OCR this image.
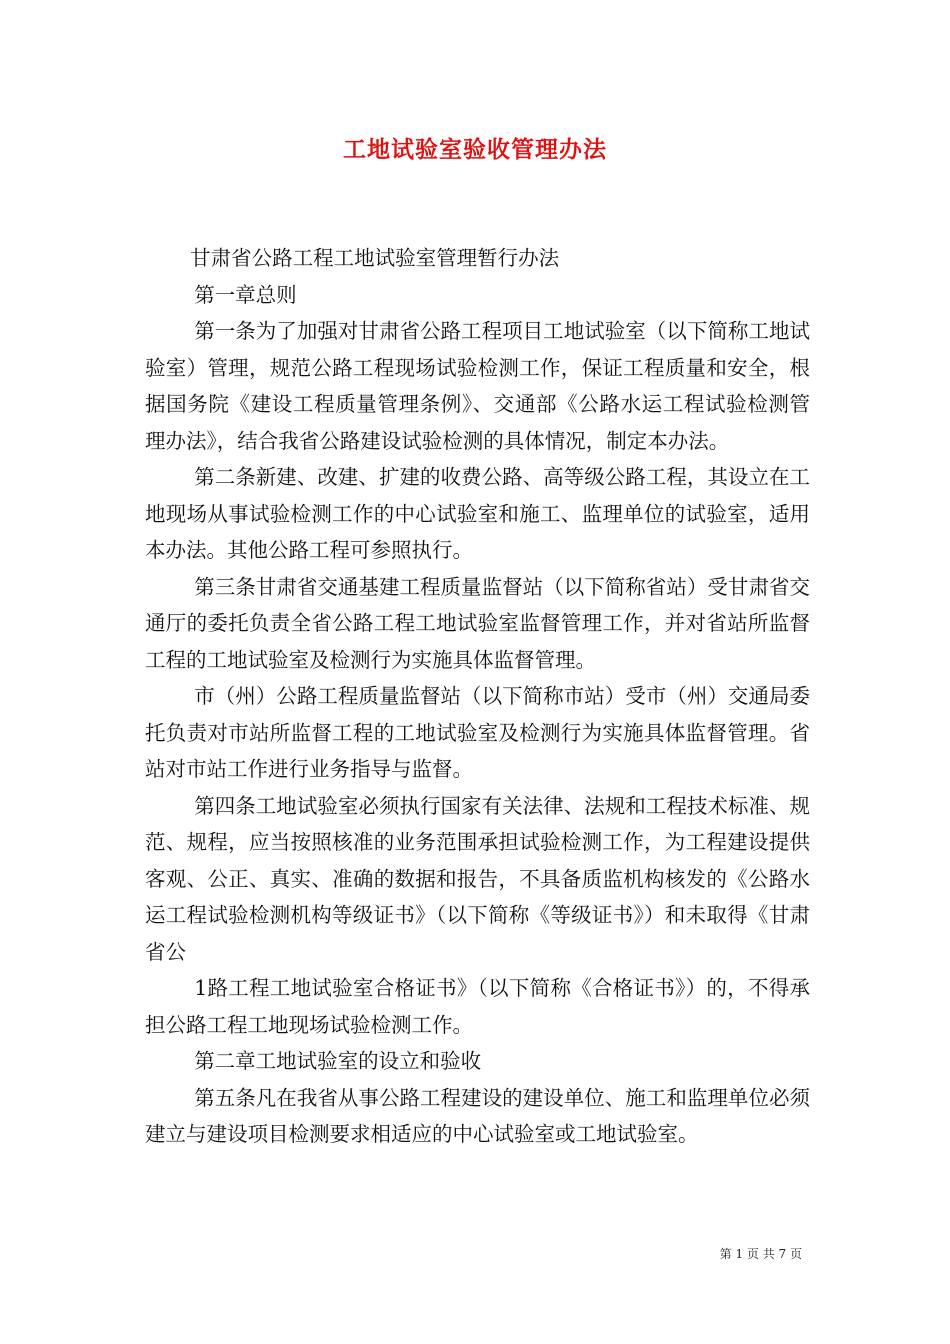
工地试验室验收管理办法

甘肃省公路工程工地试验室管理暂行办法

第一章总则

第一条为了加强对甘肃省公路工程项目工地试验室（以下简称工地试验室）管理，规范公路工程现场试验检测工作，保证工程质量和安全，根据国务院《建设工程质量管理条例》、交通部《公路水运工程试验检测管理办法》，结合我省公路建设试验检测的具体情况，制定本办法。

第二条新建、改建、扩建的收费公路、高等级公路工程，其设立在工地现场从事试验检测工作的中心试验室和施工、监理单位的试验室，适用本办法。其他公路工程可参照执行。

第三条甘肃省交通基建工程质量监督站（以下简称省站）受甘肃省交通厅的委托负责全省公路工程工地试验室监督管理工作，并对省站所监督工程的工地试验室及检测行为实施具体监督管理。

市（州）公路工程质量监督站（以下简称市站）受市（州）交通局委托负责对市站所监督工程的工地试验室及检测行为实施具体监督管理。省站对市站工作进行业务指导与监督。

第四条工地试验室必须执行国家有关法律、法规和工程技术标准、规范、规程，应当按照核准的业务范围承担试验检测工作，为工程建设提供客观、公正、真实、准确的数据和报告，不具备质监机构核发的《公路水运工程试验检测机构等级证书》（以下简称《等级证书》）和未取得《甘肃省公

1路工程工地试验室合格证书》（以下简称《合格证书》）的，不得承担公路工程工地现场试验检测工作。

第二章工地试验室的设立和验收

第五条凡在我省从事公路工程建设的建设单位、施工和监理单位必须建立与建设项目检测要求相适应的中心试验室或工地试验室。

第 1 页 共 7 页
